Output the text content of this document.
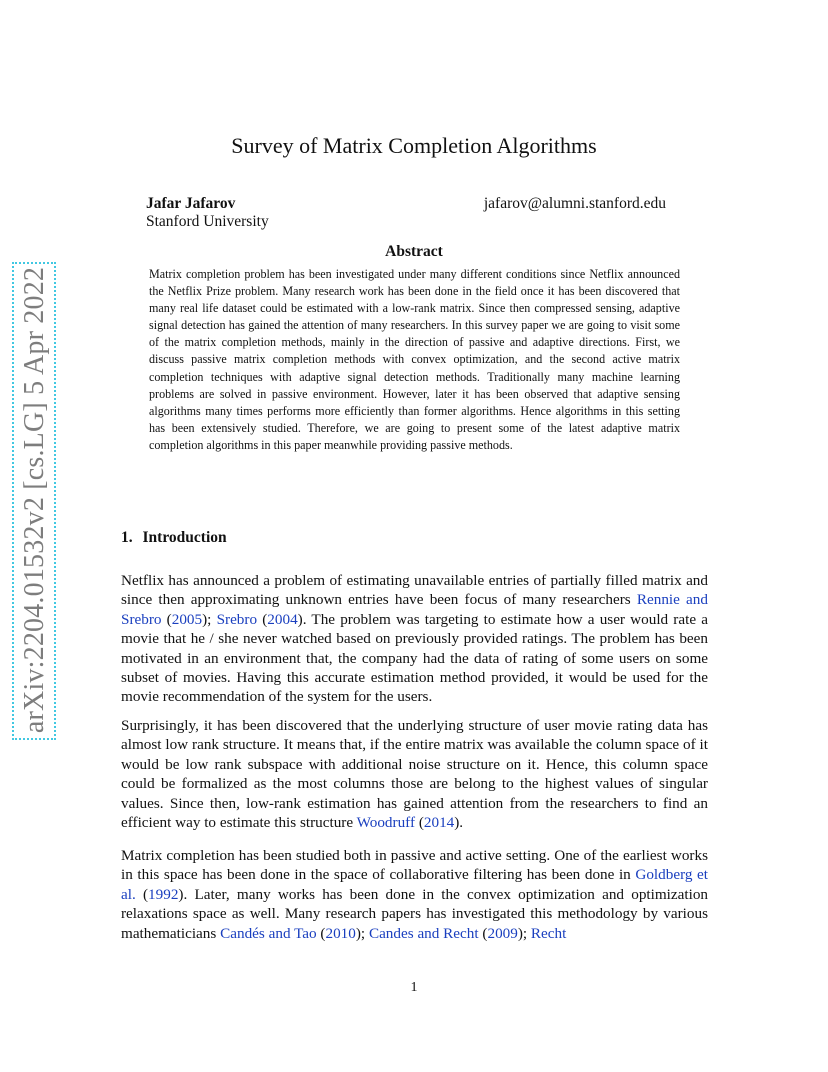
arXiv:2204.01532v2 [cs.LG] 5 Apr 2022
Survey of Matrix Completion Algorithms
Jafar Jafarov
Stanford University
jafarov@alumni.stanford.edu
Abstract
Matrix completion problem has been investigated under many different conditions since Netflix announced the Netflix Prize problem. Many research work has been done in the field once it has been discovered that many real life dataset could be estimated with a low-rank matrix. Since then compressed sensing, adaptive signal detection has gained the attention of many researchers. In this survey paper we are going to visit some of the matrix completion methods, mainly in the direction of passive and adaptive directions. First, we discuss passive matrix completion methods with convex optimization, and the second active matrix completion techniques with adaptive signal detection methods. Traditionally many machine learning problems are solved in passive environment. However, later it has been observed that adaptive sensing algorithms many times performs more efficiently than former algorithms. Hence algorithms in this setting has been extensively studied. Therefore, we are going to present some of the latest adaptive matrix completion algorithms in this paper meanwhile providing passive methods.
1. Introduction

Netflix has announced a problem of estimating unavailable entries of partially filled matrix and since then approximating unknown entries have been focus of many researchers Rennie and Srebro (2005); Srebro (2004). The problem was targeting to estimate how a user would rate a movie that he / she never watched based on previously provided ratings. The problem has been motivated in an environment that, the company had the data of rating of some users on some subset of movies. Having this accurate estimation method provided, it would be used for the movie recommendation of the system for the users.

Surprisingly, it has been discovered that the underlying structure of user movie rating data has almost low rank structure. It means that, if the entire matrix was available the column space of it would be low rank subspace with additional noise structure on it. Hence, this column space could be formalized as the most columns those are belong to the highest values of singular values. Since then, low-rank estimation has gained attention from the researchers to find an efficient way to estimate this structure Woodruff (2014).

Matrix completion has been studied both in passive and active setting. One of the earliest works in this space has been done in the space of collaborative filtering has been done in Goldberg et al. (1992). Later, many works has been done in the convex optimization and optimization relaxations space as well. Many research papers has investigated this methodology by various mathematicians Candés and Tao (2010); Candes and Recht (2009); Recht

1
